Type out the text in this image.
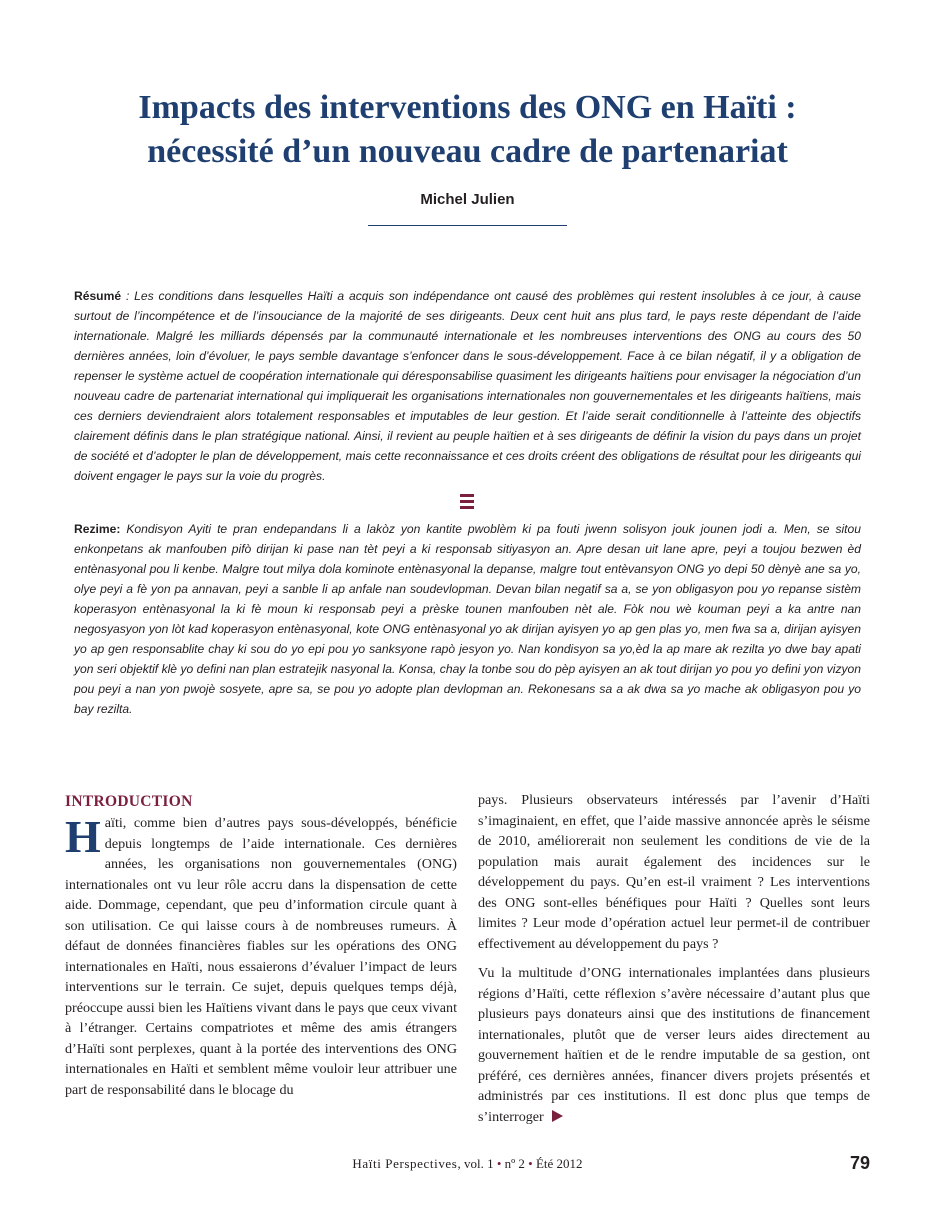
Impacts des interventions des ONG en Haïti :
nécessité d’un nouveau cadre de partenariat
Michel Julien
Résumé : Les conditions dans lesquelles Haïti a acquis son indépendance ont causé des problèmes qui restent insolubles à ce jour, à cause surtout de l’incompétence et de l’insouciance de la majorité de ses dirigeants. Deux cent huit ans plus tard, le pays reste dépendant de l’aide internationale. Malgré les milliards dépensés par la communauté internationale et les nombreuses interventions des ONG au cours des 50 dernières années, loin d’évoluer, le pays semble davantage s’enfoncer dans le sous-développement. Face à ce bilan négatif, il y a obligation de repenser le système actuel de coopération internationale qui déresponsabilise quasiment les dirigeants haïtiens pour envisager la négociation d’un nouveau cadre de partenariat international qui impliquerait les organisations internationales non gouvernementales et les dirigeants haïtiens, mais ces derniers deviendraient alors totalement responsables et imputables de leur gestion. Et l’aide serait conditionnelle à l’atteinte des objectifs clairement définis dans le plan stratégique national. Ainsi, il revient au peuple haïtien et à ses dirigeants de définir la vision du pays dans un projet de société et d’adopter le plan de développement, mais cette reconnaissance et ces droits créent des obligations de résultat pour les dirigeants qui doivent engager le pays sur la voie du progrès.
Rezime: Kondisyon Ayiti te pran endepandans li a lakòz yon kantite pwoblèm ki pa fouti jwenn solisyon jouk jounen jodi a. Men, se sitou enkonpetans ak manfouben pifò dirijan ki pase nan tèt peyi a ki responsab sitiyasyon an. Apre desan uit lane apre, peyi a toujou bezwen èd entènasyonal pou li kenbe. Malgre tout milya dola kominote entènasyonal la depanse, malgre tout entèvansyon ONG yo depi 50 dènyè ane sa yo, olye peyi a fè yon pa annavan, peyi a sanble li ap anfale nan soudevlopman. Devan bilan negatif sa a, se yon obligasyon pou yo repanse sistèm koperasyon entènasyonal la ki fè moun ki responsab peyi a prèske tounen manfouben nèt ale. Fòk nou wè kouman peyi a ka antre nan negosyasyon yon lòt kad koperasyon entènasyonal, kote ONG entènasyonal yo ak dirijan ayisyen yo ap gen plas yo, men fwa sa a, dirijan ayisyen yo ap gen responsablite chay ki sou do yo epi pou yo sanksyone rapò jesyon yo. Nan kondisyon sa yo,èd la ap mare ak rezilta yo dwe bay apati yon seri objektif klè yo defini nan plan estratejik nasyonal la. Konsa, chay la tonbe sou do pèp ayisyen an ak tout dirijan yo pou yo defini yon vizyon pou peyi a nan yon pwojè sosyete, apre sa, se pou yo adopte plan devlopman an. Rekonesans sa a ak dwa sa yo mache ak obligasyon pou yo bay rezilta.
INTRODUCTION

Haïti, comme bien d’autres pays sous-développés, bénéficie depuis longtemps de l’aide internationale. Ces dernières années, les organisations non gouvernementales (ONG) internationales ont vu leur rôle accru dans la dispensation de cette aide. Dommage, cependant, que peu d’information circule quant à son utilisation. Ce qui laisse cours à de nombreuses rumeurs. À défaut de données financières fiables sur les opérations des ONG internationales en Haïti, nous essaierons d’évaluer l’impact de leurs interventions sur le terrain. Ce sujet, depuis quelques temps déjà, préoccupe aussi bien les Haïtiens vivant dans le pays que ceux vivant à l’étranger. Certains compatriotes et même des amis étrangers d’Haïti sont perplexes, quant à la portée des interventions des ONG internationales en Haïti et semblent même vouloir leur attribuer une part de responsabilité dans le blocage du

pays. Plusieurs observateurs intéressés par l’avenir d’Haïti s’imaginaient, en effet, que l’aide massive annoncée après le séisme de 2010, améliorerait non seulement les conditions de vie de la population mais aurait également des incidences sur le développement du pays. Qu’en est-il vraiment ? Les interventions des ONG sont-elles bénéfiques pour Haïti ? Quelles sont leurs limites ? Leur mode d’opération actuel leur permet-il de contribuer effectivement au développement du pays ?

Vu la multitude d’ONG internationales implantées dans plusieurs régions d’Haïti, cette réflexion s’avère nécessaire d’autant plus que plusieurs pays donateurs ainsi que des institutions de financement internationales, plutôt que de verser leurs aides directement au gouvernement haïtien et de le rendre imputable de sa gestion, ont préféré, ces dernières années, financer divers projets présentés et administrés par ces institutions. Il est donc plus que temps de s’interroger

Haïti Perspectives, vol. 1 • nº 2 • Été 2012	79
